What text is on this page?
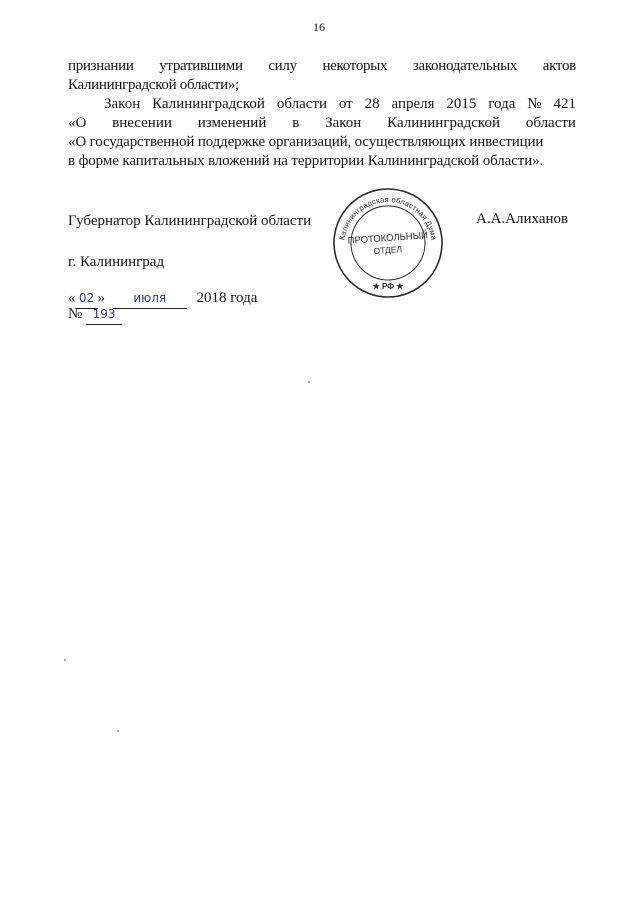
16
признании утратившими силу некоторых законодательных актов
Калининградской области»;
Закон Калининградской области от 28 апреля 2015 года № 421
«О внесении изменений в Закон Калининградской области
«О государственной поддержке организаций, осуществляющих инвестиции
в форме капитальных вложений на территории Калининградской области».
Губернатор Калининградской области	А.А.Алиханов
г. Калининград
« 02 » июля 2018 года
№ 193
Калининградская областная Дума
ПРОТОКОЛЬНЫЙ
ОТДЕЛ
★ РФ ★
